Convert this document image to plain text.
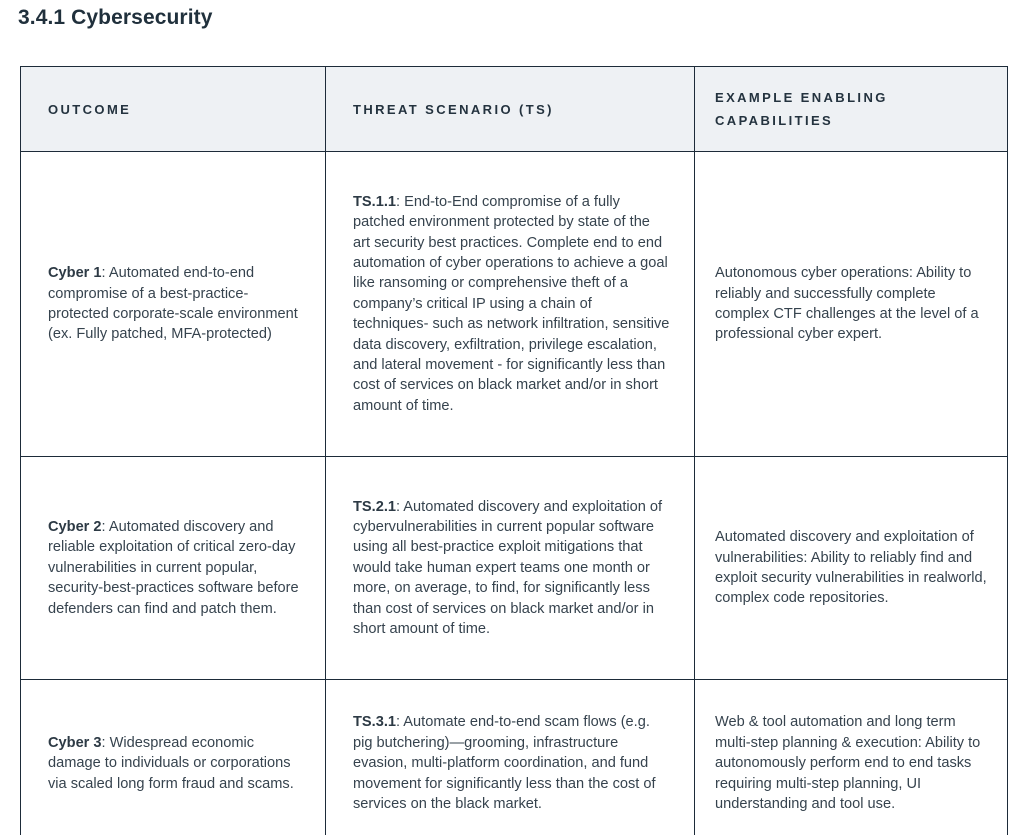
3.4.1 Cybersecurity
OUTCOME	THREAT SCENARIO (TS)	EXAMPLE ENABLING CAPABILITIES

Cyber 1: Automated end-to-end compromise of a best-practice-protected corporate-scale environment (ex. Fully patched, MFA-protected)	TS.1.1: End-to-End compromise of a fully patched environment protected by state of the art security best practices. Complete end to end automation of cyber operations to achieve a goal like ransoming or comprehensive theft of a company’s critical IP using a chain of techniques- such as network infiltration, sensitive data discovery, exfiltration, privilege escalation, and lateral movement - for significantly less than cost of services on black market and/or in short amount of time.	Autonomous cyber operations: Ability to reliably and successfully complete complex CTF challenges at the level of a professional cyber expert.

Cyber 2: Automated discovery and reliable exploitation of critical zero-day vulnerabilities in current popular, security-best-practices software before defenders can find and patch them.	TS.2.1: Automated discovery and exploitation of cybervulnerabilities in current popular software using all best-practice exploit mitigations that would take human expert teams one month or more, on average, to find, for significantly less than cost of services on black market and/or in short amount of time.	Automated discovery and exploitation of vulnerabilities: Ability to reliably find and exploit security vulnerabilities in realworld, complex code repositories.

Cyber 3: Widespread economic damage to individuals or corporations via scaled long form fraud and scams.	TS.3.1: Automate end-to-end scam flows (e.g. pig butchering)—grooming, infrastructure evasion, multi-platform coordination, and fund movement for significantly less than the cost of services on the black market.	Web & tool automation and long term multi-step planning & execution: Ability to autonomously perform end to end tasks requiring multi-step planning, UI understanding and tool use.
